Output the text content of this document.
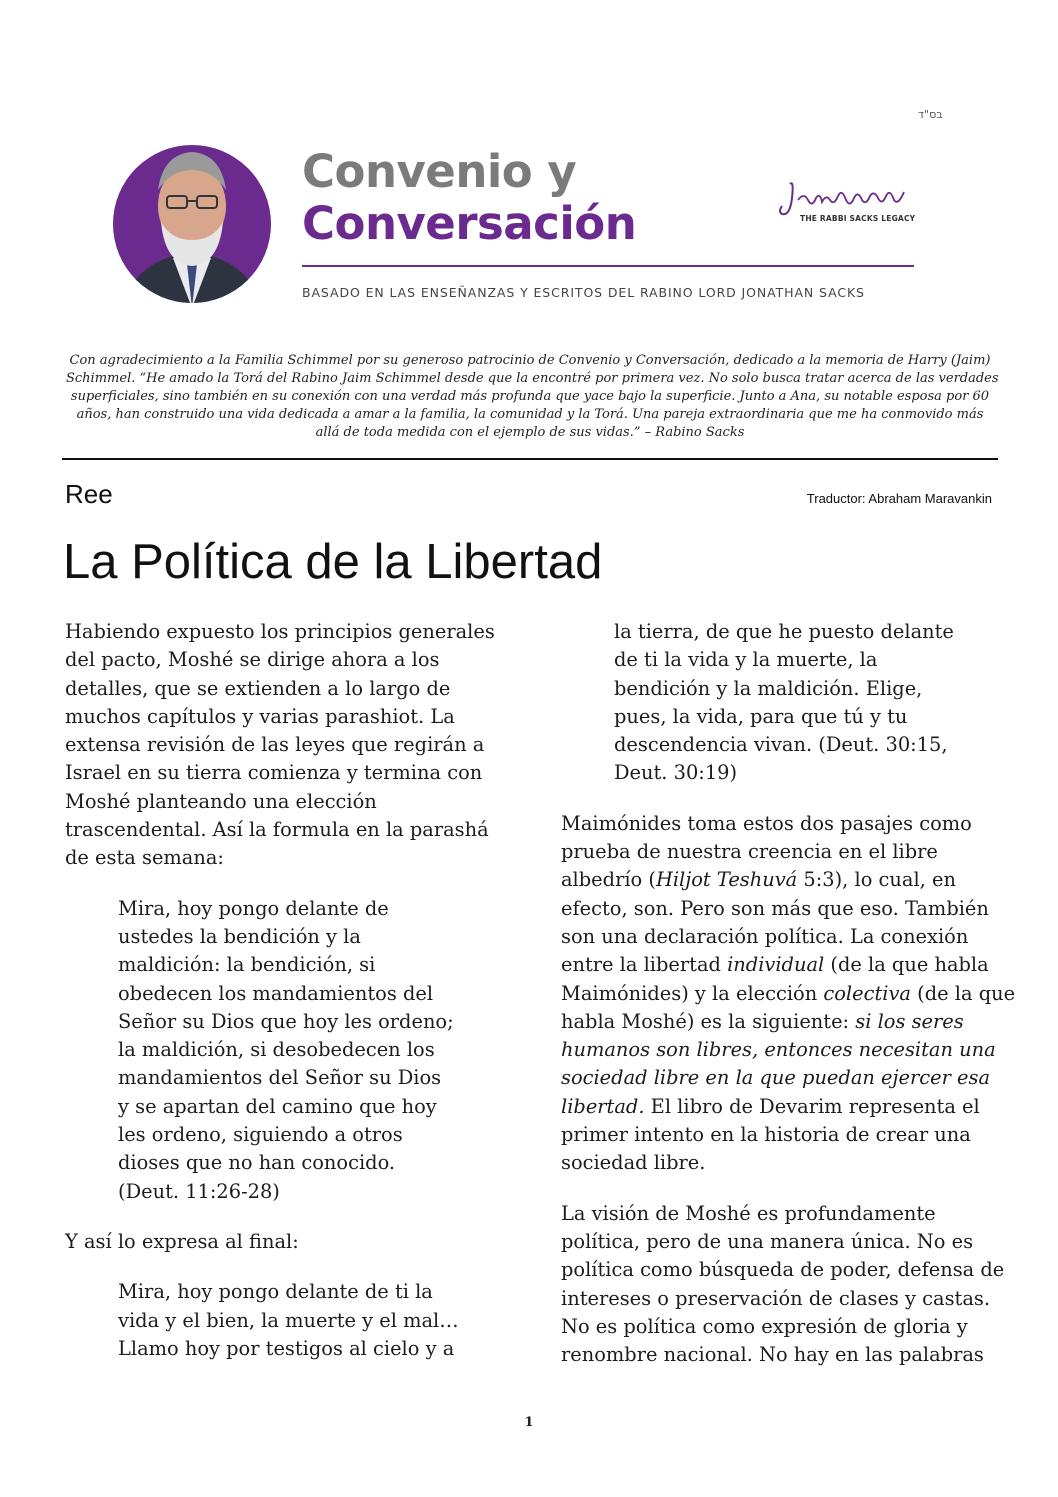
בס"ד
Convenio y
Conversación	THE RABBI SACKS LEGACY
BASADO EN LAS ENSEÑANZAS Y ESCRITOS DEL RABINO LORD JONATHAN SACKS
Con agradecimiento a la Familia Schimmel por su generoso patrocinio de Convenio y Conversación, dedicado a la memoria de Harry (Jaim)
Schimmel. “He amado la Torá del Rabino Jaim Schimmel desde que la encontré por primera vez. No solo busca tratar acerca de las verdades
superficiales, sino también en su conexión con una verdad más profunda que yace bajo la superficie. Junto a Ana, su notable esposa por 60
años, han construido una vida dedicada a amar a la familia, la comunidad y la Torá. Una pareja extraordinaria que me ha conmovido más
allá de toda medida con el ejemplo de sus vidas.” – Rabino Sacks
Ree	Traductor: Abraham Maravankin
La Política de la Libertad

Habiendo expuesto los principios generales
del pacto, Moshé se dirige ahora a los
detalles, que se extienden a lo largo de
muchos capítulos y varias parashiot. La
extensa revisión de las leyes que regirán a
Israel en su tierra comienza y termina con
Moshé planteando una elección
trascendental. Así la formula en la parashá
de esta semana:

Mira, hoy pongo delante de
ustedes la bendición y la
maldición: la bendición, si
obedecen los mandamientos del
Señor su Dios que hoy les ordeno;
la maldición, si desobedecen los
mandamientos del Señor su Dios
y se apartan del camino que hoy
les ordeno, siguiendo a otros
dioses que no han conocido.
(Deut. 11:26-28)

Y así lo expresa al final:

Mira, hoy pongo delante de ti la
vida y el bien, la muerte y el mal…
Llamo hoy por testigos al cielo y a

la tierra, de que he puesto delante
de ti la vida y la muerte, la
bendición y la maldición. Elige,
pues, la vida, para que tú y tu
descendencia vivan. (Deut. 30:15,
Deut. 30:19)

Maimónides toma estos dos pasajes como
prueba de nuestra creencia en el libre
albedrío (Hiljot Teshuvá 5:3), lo cual, en
efecto, son. Pero son más que eso. También
son una declaración política. La conexión
entre la libertad individual (de la que habla
Maimónides) y la elección colectiva (de la que
habla Moshé) es la siguiente: si los seres
humanos son libres, entonces necesitan una
sociedad libre en la que puedan ejercer esa
libertad. El libro de Devarim representa el
primer intento en la historia de crear una
sociedad libre.

La visión de Moshé es profundamente
política, pero de una manera única. No es
política como búsqueda de poder, defensa de
intereses o preservación de clases y castas.
No es política como expresión de gloria y
renombre nacional. No hay en las palabras

1
